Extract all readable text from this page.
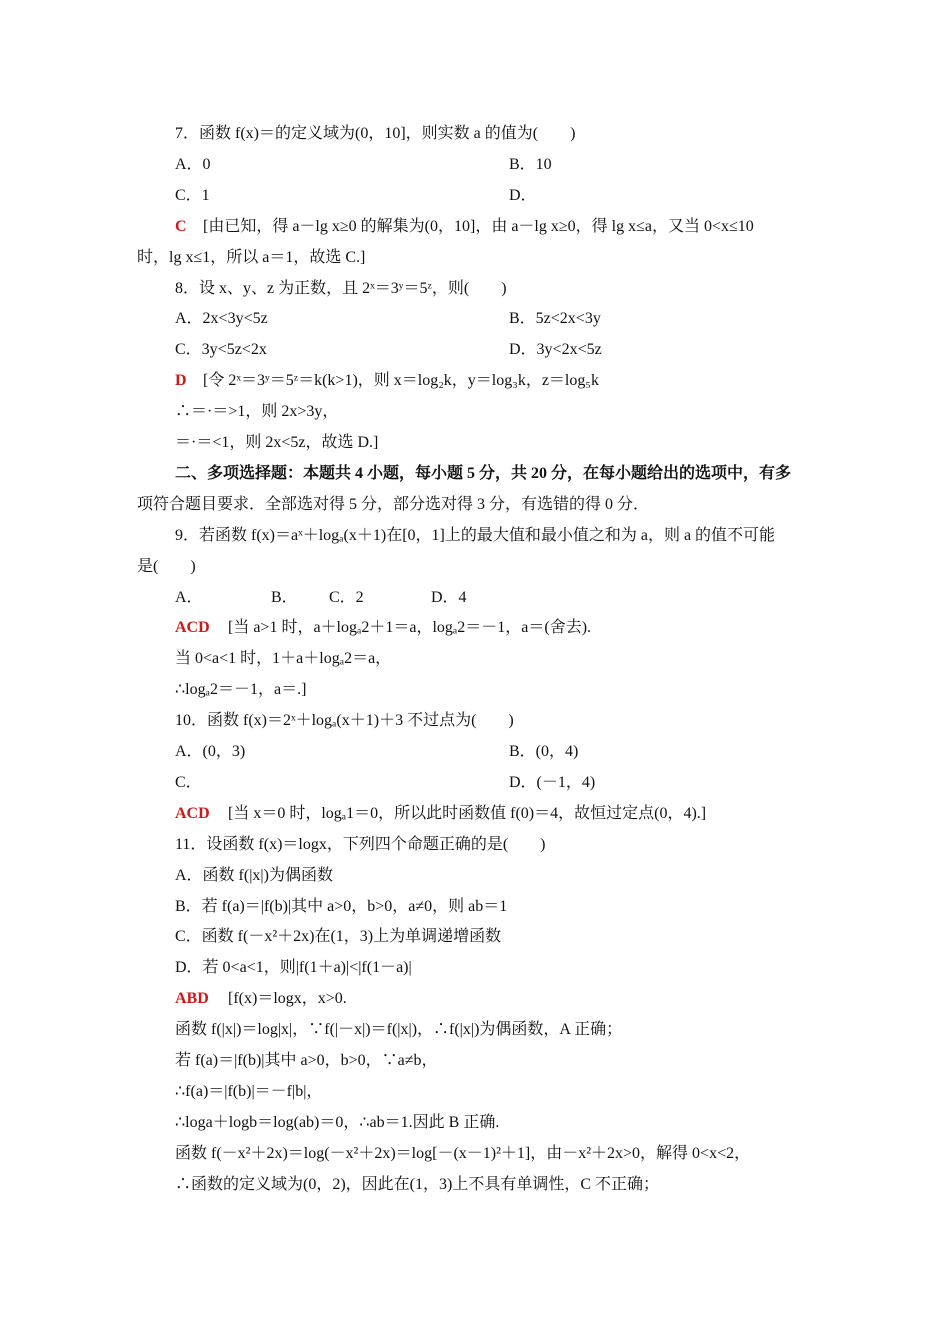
7．函数 f(x)＝的定义域为(0，10]，则实数 a 的值为(　　)
A．0	B．10
C．1	D．
C [由已知，得 a－lg x≥0 的解集为(0，10]，由 a－lg x≥0，得 lg x≤a，又当 0<x≤10
时，lg x≤1，所以 a＝1，故选 C.]
8．设 x、y、z 为正数，且 2ˣ＝3ʸ＝5ᶻ，则(　　)
A．2x<3y<5z	B．5z<2x<3y
C．3y<5z<2x	D．3y<2x<5z
D [令 2ˣ＝3ʸ＝5ᶻ＝k(k>1)，则 x＝log₂k，y＝log₃k，z＝log₅k
∴＝·＝>1，则 2x>3y，
＝·＝<1，则 2x<5z，故选 D.]
二、多项选择题：本题共 4 小题，每小题 5 分，共 20 分，在每小题给出的选项中，有多
项符合题目要求．全部选对得 5 分，部分选对得 3 分，有选错的得 0 分．
9．若函数 f(x)＝aˣ＋logₐ(x＋1)在[0，1]上的最大值和最小值之和为 a，则 a 的值不可能
是(　　)
A．	B． C．2	D．4
ACD [当 a>1 时，a＋logₐ2＋1＝a，logₐ2＝－1，a＝(舍去).
当 0<a<1 时，1＋a＋logₐ2＝a，
∴logₐ2＝－1，a＝.]
10．函数 f(x)＝2ˣ＋logₐ(x＋1)＋3 不过点为(　　)
A．(0，3)	B．(0，4)
C．	D．(－1，4)
ACD [当 x＝0 时，logₐ1＝0，所以此时函数值 f(0)＝4，故恒过定点(0，4).]
11．设函数 f(x)＝logx，下列四个命题正确的是(　　)
A．函数 f(|x|)为偶函数
B．若 f(a)＝|f(b)|其中 a>0，b>0，a≠0，则 ab＝1
C．函数 f(－x²＋2x)在(1，3)上为单调递增函数
D．若 0<a<1，则|f(1＋a)|<|f(1－a)|
ABD [f(x)＝logx，x>0.
函数 f(|x|)＝log|x|，∵f(|－x|)＝f(|x|)，∴f(|x|)为偶函数，A 正确；
若 f(a)＝|f(b)|其中 a>0，b>0，∵a≠b，
∴f(a)＝|f(b)|＝－f|b|，
∴loga＋logb＝log(ab)＝0，∴ab＝1.因此 B 正确.
函数 f(－x²＋2x)＝log(－x²＋2x)＝log[－(x－1)²＋1]，由－x²＋2x>0，解得 0<x<2，
∴函数的定义域为(0，2)，因此在(1，3)上不具有单调性，C 不正确；
